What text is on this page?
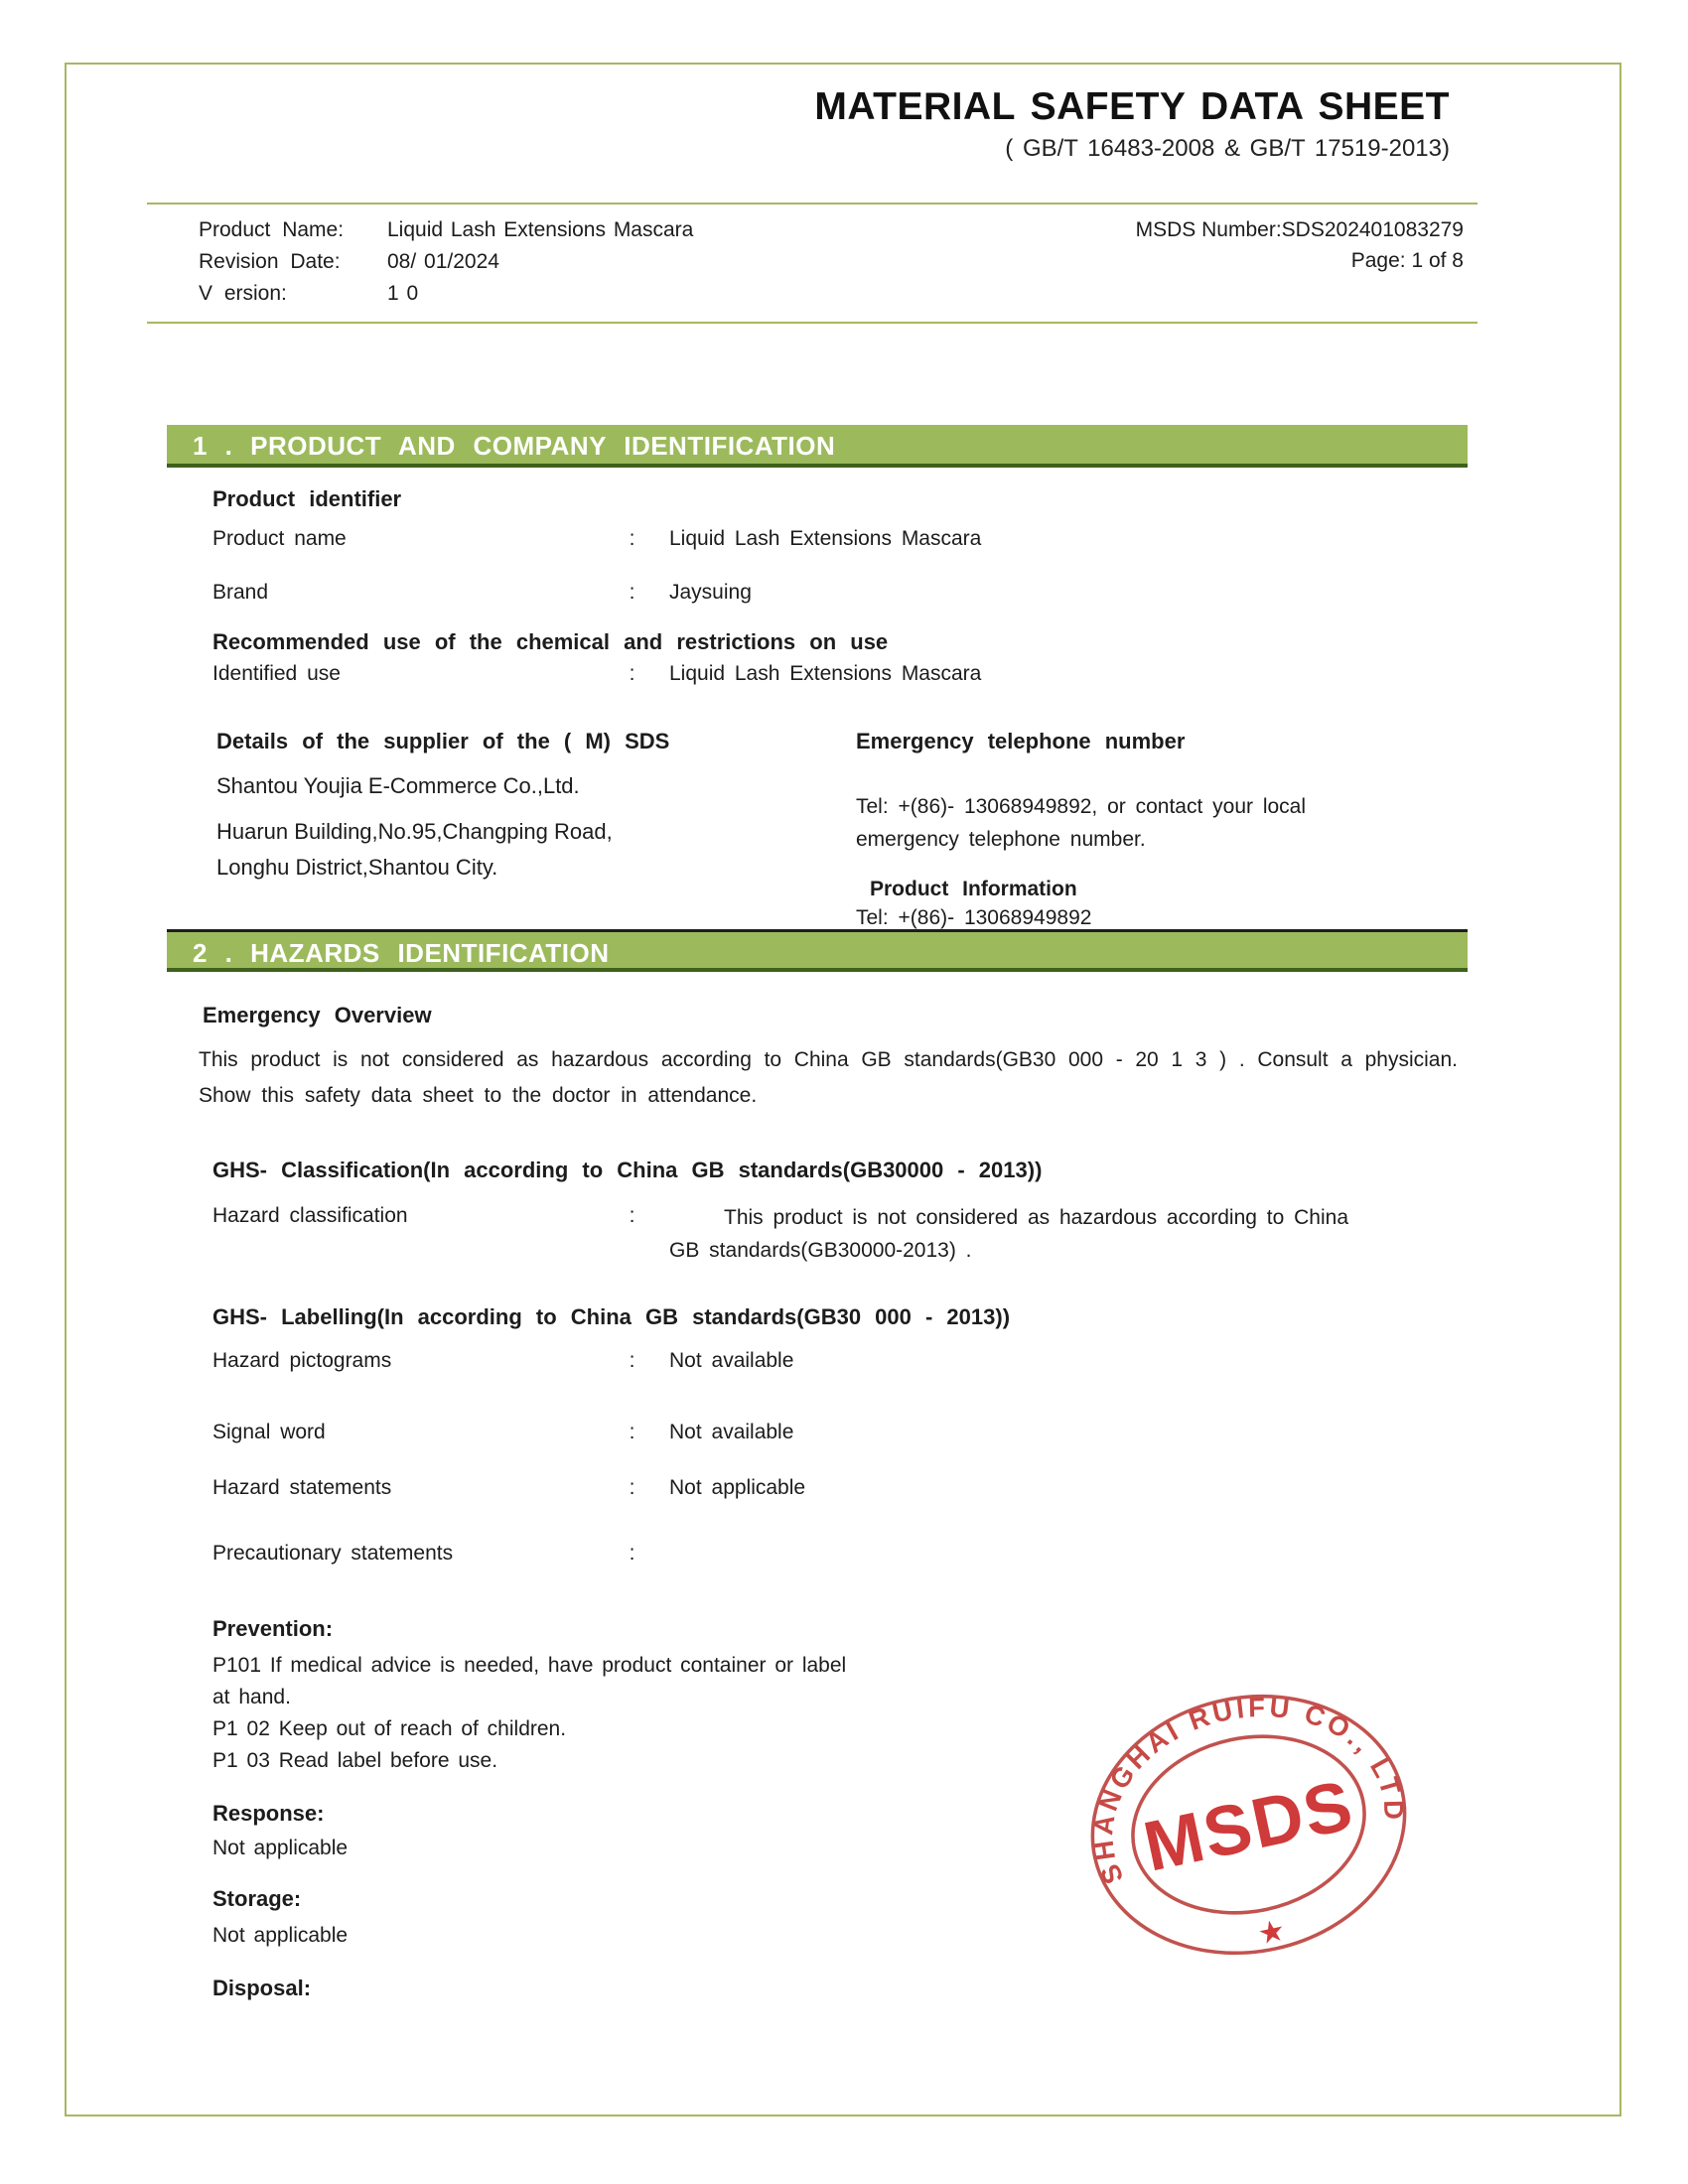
MATERIAL SAFETY DATA SHEET
( GB/T 16483-2008 & GB/T 17519-2013)
Product Name:	Liquid Lash Extensions Mascara
Revision Date:	08/ 01/2024
V ersion:	1 0
MSDS Number:SDS202401083279
Page: 1 of 8
1 . PRODUCT AND COMPANY IDENTIFICATION
Product identifier
Product name	:	Liquid Lash Extensions Mascara
Brand	:	Jaysuing
Recommended use of the chemical and restrictions on use
Identified use	:	Liquid Lash Extensions Mascara
Details of the supplier of the ( M) SDS
Shantou Youjia E-Commerce Co.,Ltd.
Huarun Building,No.95,Changping Road,
Longhu District,Shantou City.
Emergency telephone number
Tel: +(86)- 13068949892, or contact your local
emergency telephone number.
Product Information
Tel: +(86)- 13068949892
2 . HAZARDS IDENTIFICATION
Emergency Overview
This product is not considered as hazardous according to China GB standards(GB30 000 - 20 1 3 ) . Consult a physician. Show this safety data sheet to the doctor in attendance.
GHS- Classification(In according to China GB standards(GB30000 - 2013))
Hazard classification	:	This product is not considered as hazardous according to China
GB standards(GB30000-2013) .
GHS- Labelling(In according to China GB standards(GB30 000 - 2013))
Hazard pictograms	:	Not available
Signal word	:	Not available
Hazard statements	:	Not applicable
Precautionary statements	:
Prevention:
P101 If medical advice is needed, have product container or label
at hand.
P1 02 Keep out of reach of children.
P1 03 Read label before use.
Response:
Not applicable
Storage:
Not applicable
Disposal:
SHANGHAI RUIFU CO., LTD
MSDS
★
